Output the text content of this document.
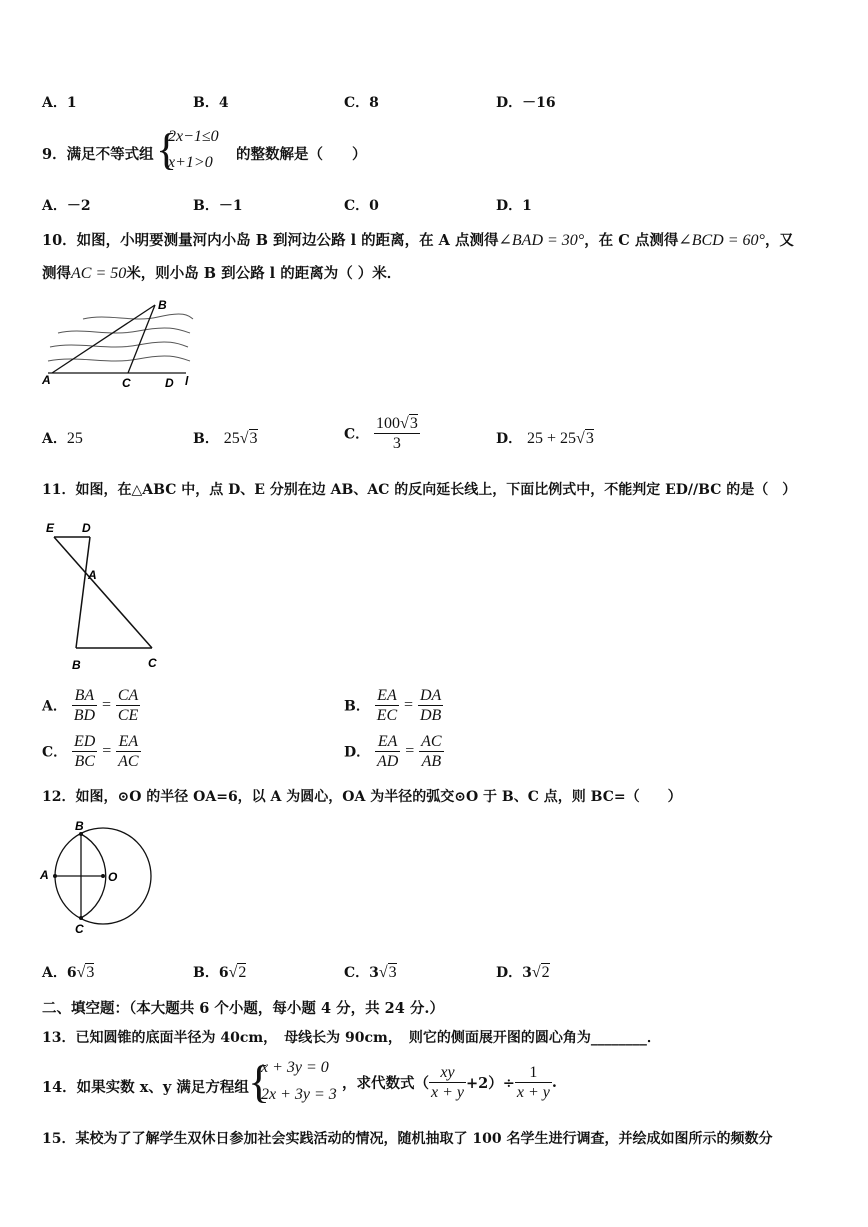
A．1	B．4	C．8	D．－16
9．满足不等式组 {
2x−1≤0
x+1>0 的整数解是（　　）
A．－2	B．－1	C．0	D．1
10．如图，小明要测量河内小岛 B 到河边公路 l 的距离，在 A 点测得∠BAD = 30°，在 C 点测得∠BCD = 60°，又
测得AC = 50米，则小岛 B 到公路 l 的距离为（ ）米．
B
A	C	D l
A．25	B． 25√3	C． $\frac{100√3}{3}$	D． 25 + 25√3
11．如图，在△ABC 中，点 D、E 分别在边 AB、AC 的反向延长线上，下面比例式中，不能判定 ED//BC 的是（　）
E D
A
B	C
A． $\frac{BA}{BD} = \frac{CA}{CE}$	B． $\frac{EA}{EC} = \frac{DA}{DB}$
C． $\frac{ED}{BC} = \frac{EA}{AC}$	D． $\frac{EA}{AD} = \frac{AC}{AB}$
12．如图，⊙O 的半径 OA=6，以 A 为圆心，OA 为半径的弧交⊙O 于 B、C 点，则 BC=（　　）
B
A	O
C
A．6√3	B．6√2	C．3√3	D．3√2
二、填空题：（本大题共 6 个小题，每小题 4 分，共 24 分.）
13．已知圆锥的底面半径为 40cm，　母线长为 90cm，　则它的侧面展开图的圆心角为________．
14．如果实数 x、y 满足方程组 {
x + 3y = 0
2x + 3y = 3
，求代数式（ $\frac{xy}{x + y} +2)\div \frac{1}{x + y}$ .
15．某校为了了解学生双休日参加社会实践活动的情况，随机抽取了 100 名学生进行调查，并绘成如图所示的频数分
